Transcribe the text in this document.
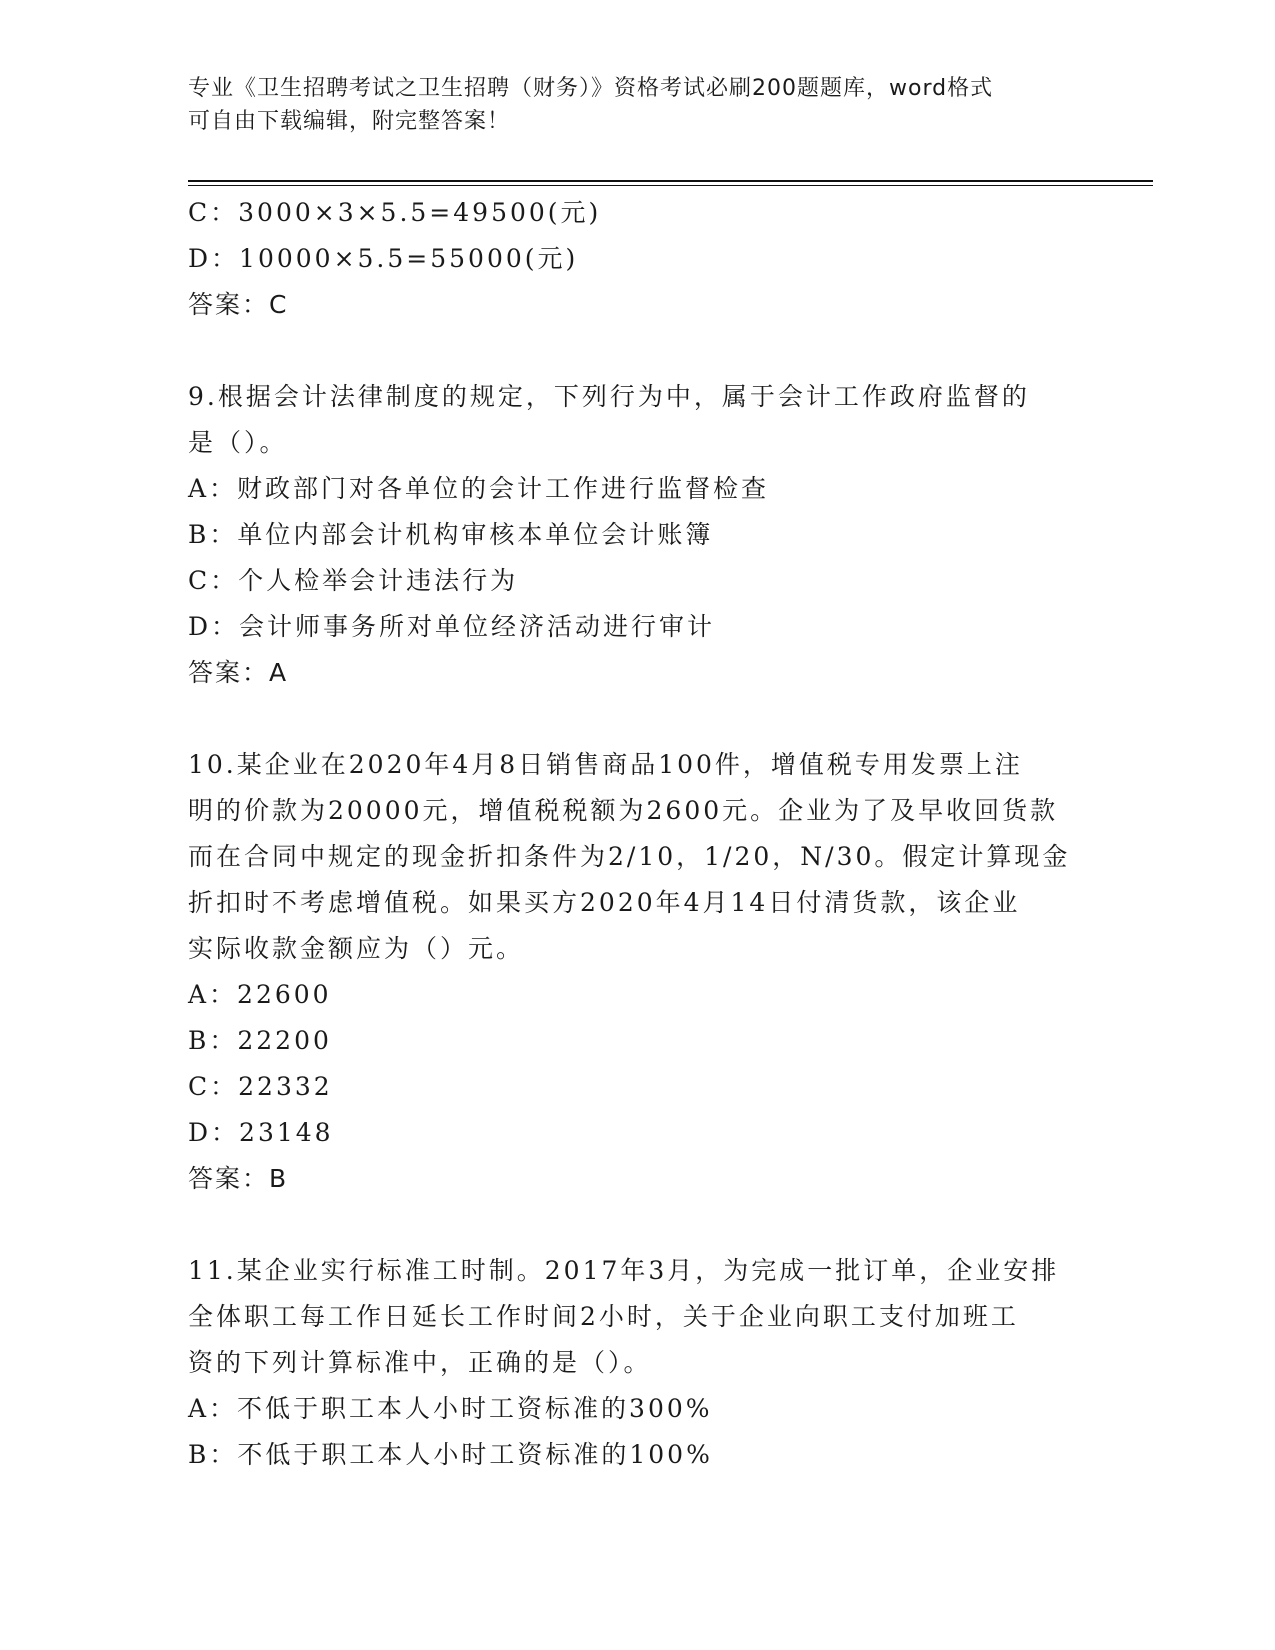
专业《卫生招聘考试之卫生招聘（财务）》资格考试必刷200题题库，word格式
可自由下载编辑，附完整答案！
C：3000×3×5.5=49500(元)
D：10000×5.5=55000(元)
答案：C
9.根据会计法律制度的规定，下列行为中，属于会计工作政府监督的
是（）。
A：财政部门对各单位的会计工作进行监督检查
B：单位内部会计机构审核本单位会计账簿
C：个人检举会计违法行为
D：会计师事务所对单位经济活动进行审计
答案：A
10.某企业在2020年4月8日销售商品100件，增值税专用发票上注
明的价款为20000元，增值税税额为2600元。企业为了及早收回货款
而在合同中规定的现金折扣条件为2/10，1/20，N/30。假定计算现金
折扣时不考虑增值税。如果买方2020年4月14日付清货款，该企业
实际收款金额应为（）元。
A：22600
B：22200
C：22332
D：23148
答案：B
11.某企业实行标准工时制。2017年3月，为完成一批订单，企业安排
全体职工每工作日延长工作时间2小时，关于企业向职工支付加班工
资的下列计算标准中，正确的是（）。
A：不低于职工本人小时工资标准的300%
B：不低于职工本人小时工资标准的100%
